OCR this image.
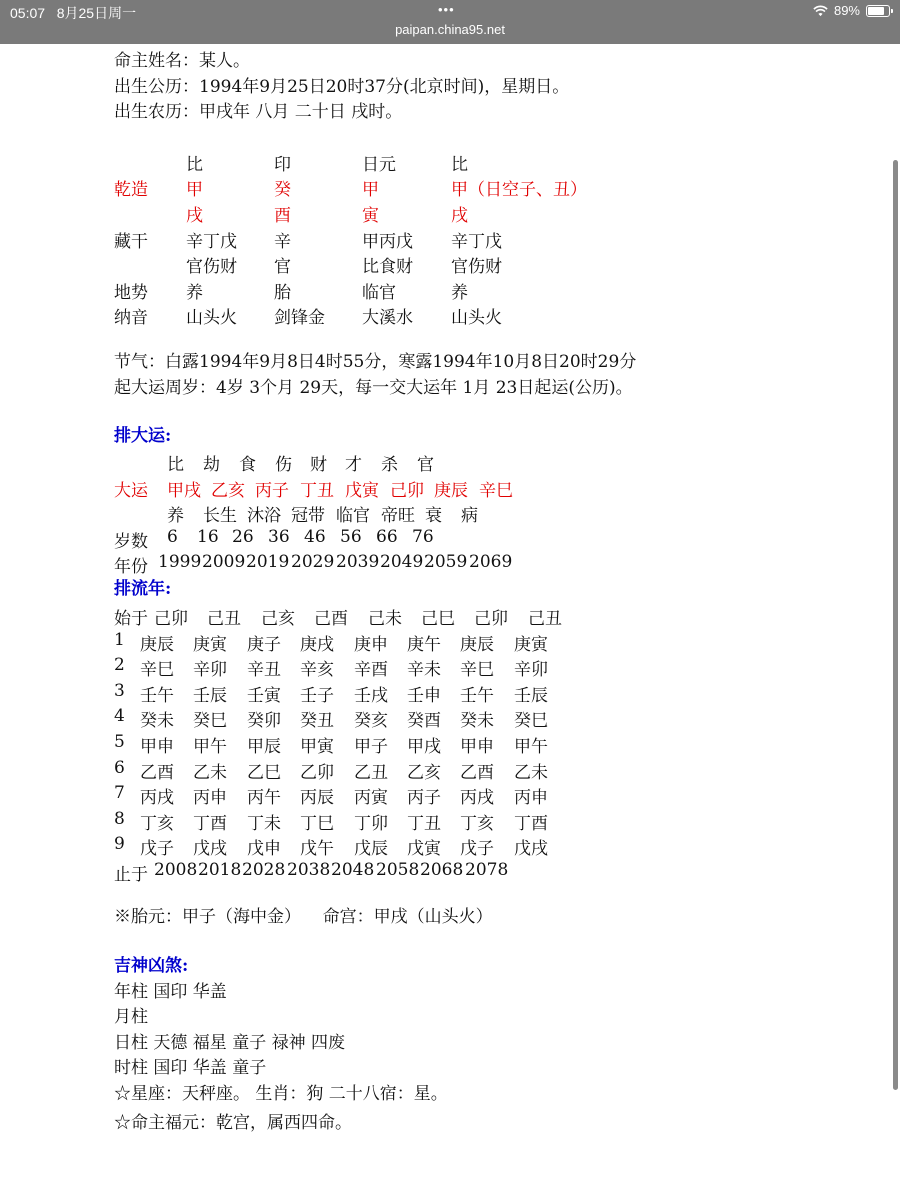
05:07 8月25日周一	•••
paipan.china95.net
89%
命主姓名：某人。
出生公历：1994年9月25日20时37分(北京时间)，星期日。
出生农历：甲戌年 八月 二十日 戌时。
比	印	日元	比
乾造 甲	癸	甲	甲（日空子、丑）
戌	酉	寅	戌
藏干 辛丁戊 辛	甲丙戊 辛丁戊
官伤财 官	比食财 官伤财
地势 养	胎	临官	养
纳音 山头火 剑锋金 大溪水 山头火
节气：白露1994年9月8日4时55分，寒露1994年10月8日20时29分
起大运周岁：4岁 3个月 29天，每一交大运年 1月 23日起运(公历)。
排大运:
比 劫 食 伤 财 才 杀 官
大运 甲戌 乙亥 丙子 丁丑 戊寅 己卯 庚辰 辛巳
养 长生 沐浴 冠带 临官 帝旺 衰 病
岁数 6 16 26 36 46 56 66 76
年份 1999 2009 2019 2029 2039 2049 2059 2069
排流年:
始于 己卯 己丑 己亥 己酉 己未 己巳 己卯 己丑
1 庚辰 庚寅 庚子 庚戌 庚申 庚午 庚辰 庚寅
2 辛巳 辛卯 辛丑 辛亥 辛酉 辛未 辛巳 辛卯
3 壬午 壬辰 壬寅 壬子 壬戌 壬申 壬午 壬辰
4 癸未 癸巳 癸卯 癸丑 癸亥 癸酉 癸未 癸巳
5 甲申 甲午 甲辰 甲寅 甲子 甲戌 甲申 甲午
6 乙酉 乙未 乙巳 乙卯 乙丑 乙亥 乙酉 乙未
7 丙戌 丙申 丙午 丙辰 丙寅 丙子 丙戌 丙申
8 丁亥 丁酉 丁未 丁巳 丁卯 丁丑 丁亥 丁酉
9 戊子 戊戌 戊申 戊午 戊辰 戊寅 戊子 戊戌
止于 2008 2018 2028 2038 2048 2058 2068 2078
※胎元：甲子（海中金）    命宫：甲戌（山头火）
吉神凶煞:
年柱 国印 华盖
月柱
日柱 天德 福星 童子 禄神 四废
时柱 国印 华盖 童子
☆星座：天秤座。 生肖：狗 二十八宿：星。
☆命主福元：乾宫，属西四命。
